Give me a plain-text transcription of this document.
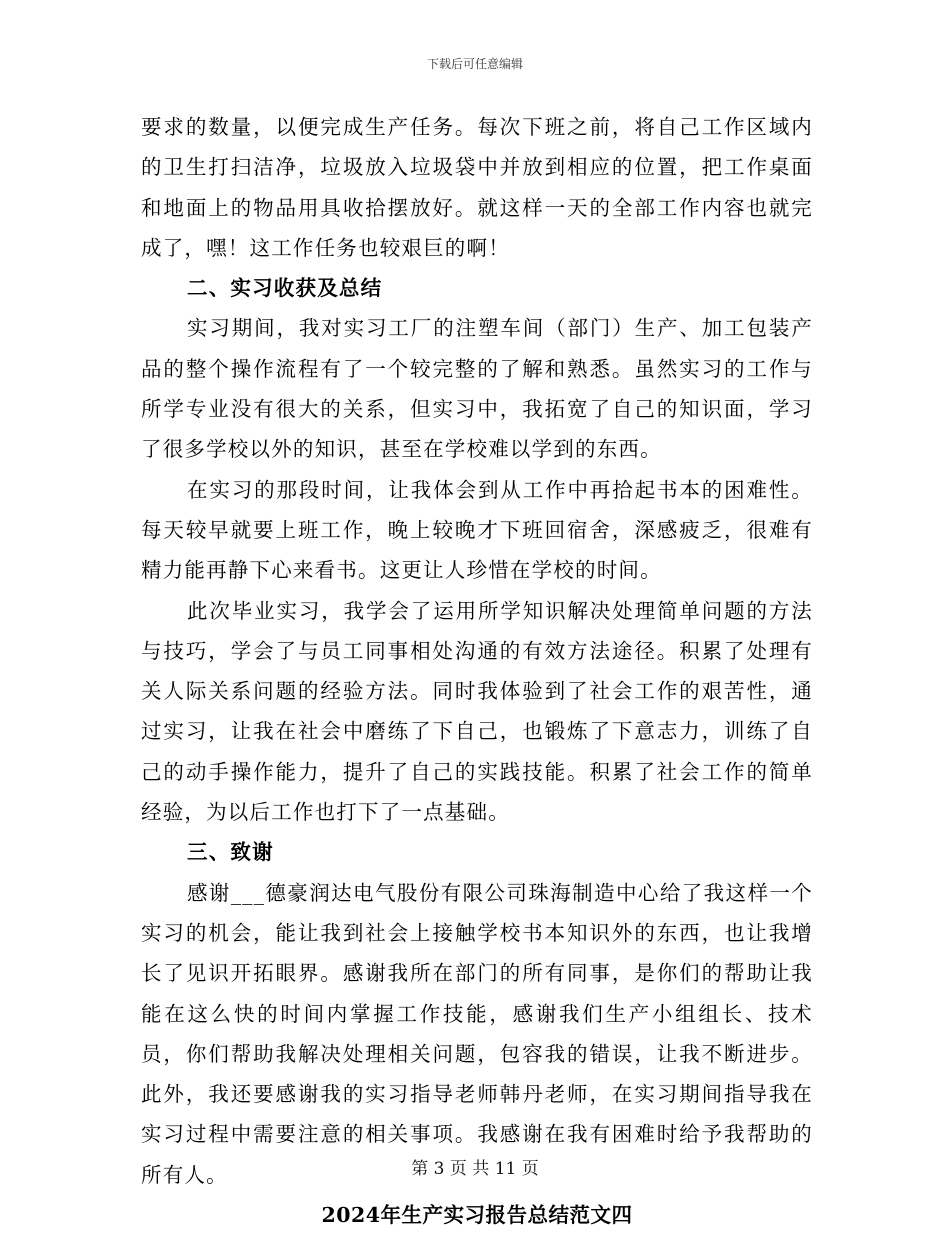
下载后可任意编辑

要求的数量，以便完成生产任务。每次下班之前，将自己工作区域内的卫生打扫洁净，垃圾放入垃圾袋中并放到相应的位置，把工作桌面和地面上的物品用具收拾摆放好。就这样一天的全部工作内容也就完成了，嘿！这工作任务也较艰巨的啊！

二、实习收获及总结

实习期间，我对实习工厂的注塑车间（部门）生产、加工包装产品的整个操作流程有了一个较完整的了解和熟悉。虽然实习的工作与所学专业没有很大的关系，但实习中，我拓宽了自己的知识面，学习了很多学校以外的知识，甚至在学校难以学到的东西。

在实习的那段时间，让我体会到从工作中再拾起书本的困难性。每天较早就要上班工作，晚上较晚才下班回宿舍，深感疲乏，很难有精力能再静下心来看书。这更让人珍惜在学校的时间。

此次毕业实习，我学会了运用所学知识解决处理简单问题的方法与技巧，学会了与员工同事相处沟通的有效方法途径。积累了处理有关人际关系问题的经验方法。同时我体验到了社会工作的艰苦性，通过实习，让我在社会中磨练了下自己，也锻炼了下意志力，训练了自己的动手操作能力，提升了自己的实践技能。积累了社会工作的简单经验，为以后工作也打下了一点基础。

三、致谢

感谢___德豪润达电气股份有限公司珠海制造中心给了我这样一个实习的机会，能让我到社会上接触学校书本知识外的东西，也让我增长了见识开拓眼界。感谢我所在部门的所有同事，是你们的帮助让我能在这么快的时间内掌握工作技能，感谢我们生产小组组长、技术员，你们帮助我解决处理相关问题，包容我的错误，让我不断进步。此外，我还要感谢我的实习指导老师韩丹老师，在实习期间指导我在实习过程中需要注意的相关事项。我感谢在我有困难时给予我帮助的所有人。

2024年生产实习报告总结范文四

第 3 页 共 11 页
